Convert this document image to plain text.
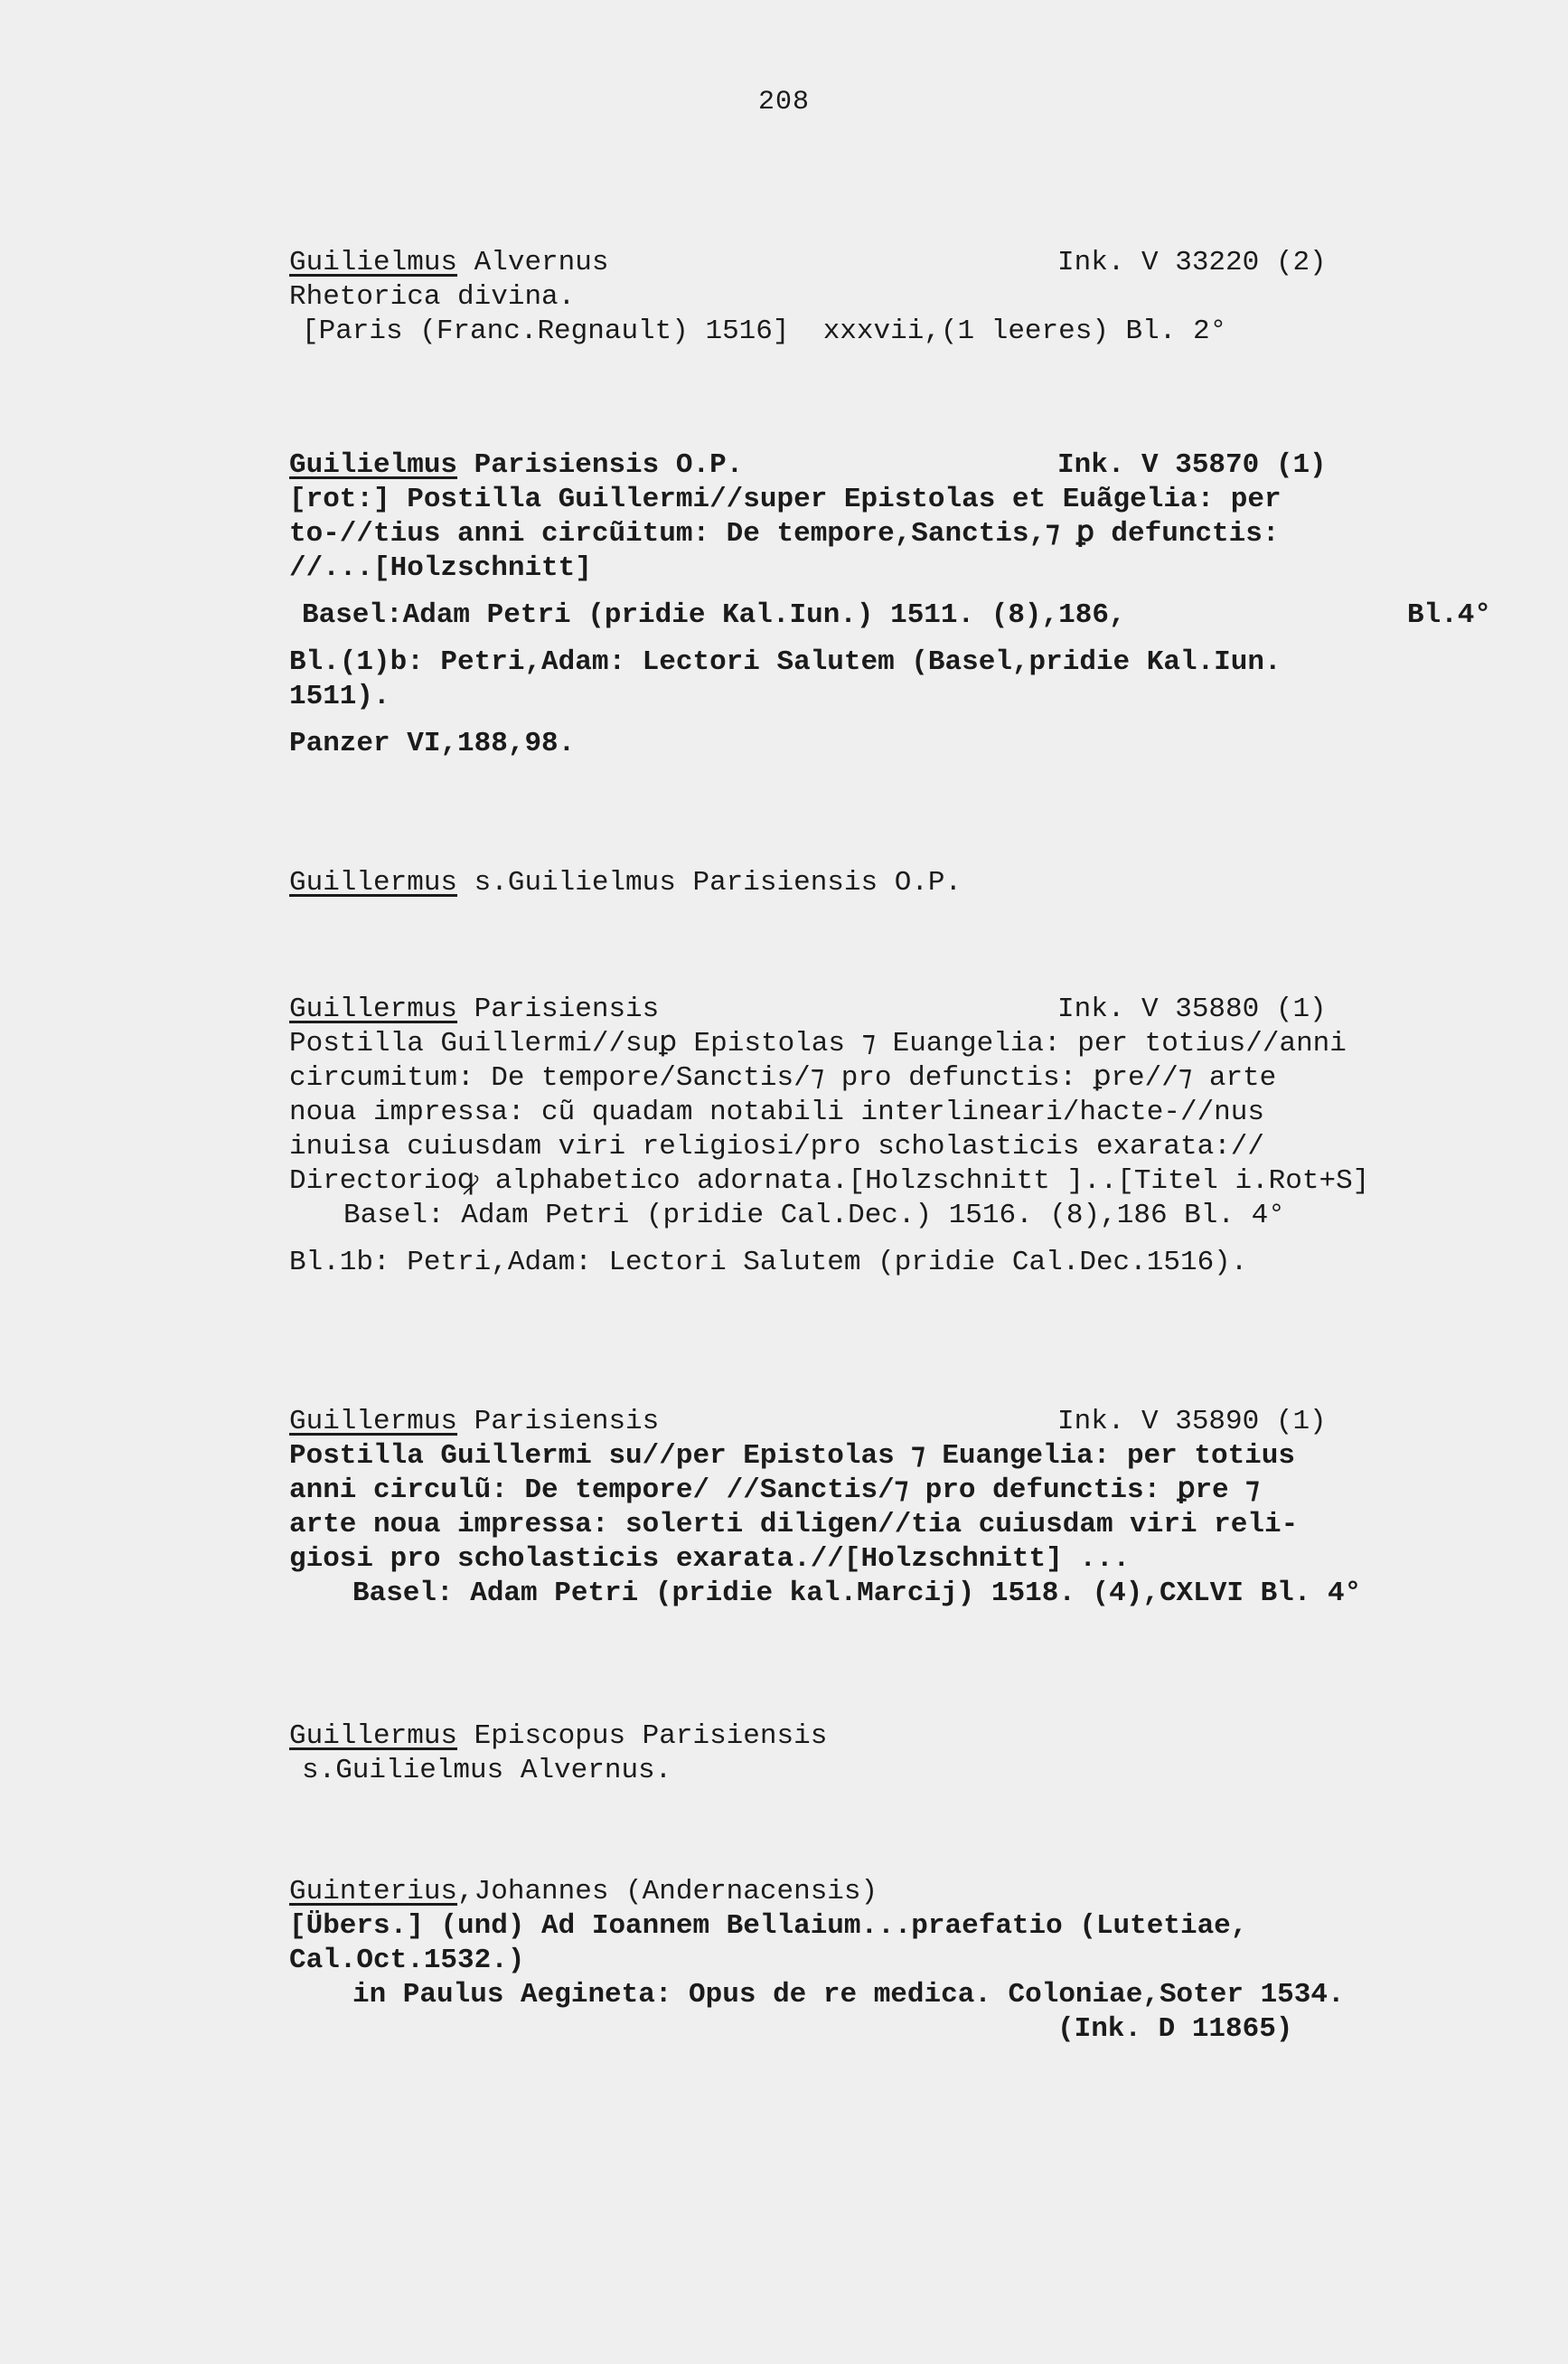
208
Guilielmus Alvernus	Ink. V 33220 (2)
Rhetorica divina.
[Paris (Franc.Regnault) 1516]  xxxvii,(1 leeres) Bl. 2°
Guilielmus Parisiensis O.P.	Ink. V 35870 (1)
[rot:] Postilla Guillermi//super Epistolas et Euãgelia: per
to-//tius anni circũitum: De tempore,Sanctis,⁊ ꝑ defunctis:
//...[Holzschnitt]
Basel:Adam Petri (pridie Kal.Iun.) 1511. (8),186,	Bl.4°
Bl.(1)b: Petri,Adam: Lectori Salutem (Basel,pridie Kal.Iun.
1511).
Panzer VI,188,98.
Guillermus s.Guilielmus Parisiensis O.P.
Guillermus Parisiensis	Ink. V 35880 (1)
Postilla Guillermi//suꝑ Epistolas ⁊ Euangelia: per totius//anni
circumitum: De tempore/Sanctis/⁊ pro defunctis: ꝑre//⁊ arte
noua impressa: cũ quadam notabili interlineari/hacte-//nus
inuisa cuiusdam viri religiosi/pro scholasticis exarata://
Directorioꝙ alphabetico adornata.[Holzschnitt ]..[Titel i.Rot+S]
Basel: Adam Petri (pridie Cal.Dec.) 1516. (8),186 Bl. 4°
Bl.1b: Petri,Adam: Lectori Salutem (pridie Cal.Dec.1516).
Guillermus Parisiensis	Ink. V 35890 (1)
Postilla Guillermi su//per Epistolas ⁊ Euangelia: per totius
anni circulũ: De tempore/ //Sanctis/⁊ pro defunctis: ꝑre ⁊
arte noua impressa: solerti diligen//tia cuiusdam viri reli-
giosi pro scholasticis exarata.//[Holzschnitt] ...
Basel: Adam Petri (pridie kal.Marcij) 1518. (4),CXLVI Bl. 4°
Guillermus Episcopus Parisiensis
s.Guilielmus Alvernus.
Guinterius,Johannes (Andernacensis)
[Übers.] (und) Ad Ioannem Bellaium...praefatio (Lutetiae,
Cal.Oct.1532.)
in Paulus Aegineta: Opus de re medica. Coloniae,Soter 1534.
(Ink. D 11865)
